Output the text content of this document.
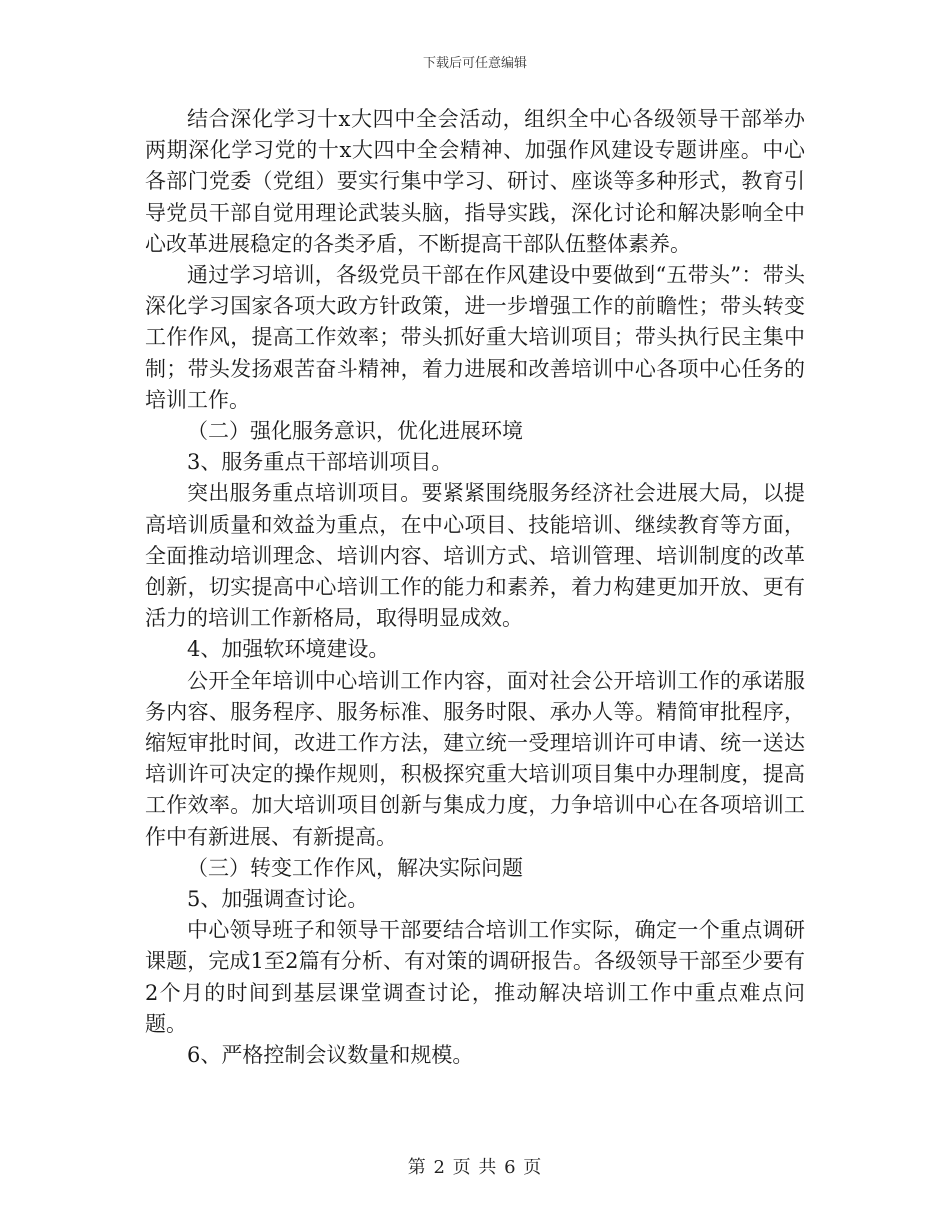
下载后可任意编辑

结合深化学习十x大四中全会活动，组织全中心各级领导干部举办两期深化学习党的十x大四中全会精神、加强作风建设专题讲座。中心各部门党委（党组）要实行集中学习、研讨、座谈等多种形式，教育引导党员干部自觉用理论武装头脑，指导实践，深化讨论和解决影响全中心改革进展稳定的各类矛盾，不断提高干部队伍整体素养。

通过学习培训，各级党员干部在作风建设中要做到“五带头”：带头深化学习国家各项大政方针政策，进一步增强工作的前瞻性；带头转变工作作风，提高工作效率；带头抓好重大培训项目；带头执行民主集中制；带头发扬艰苦奋斗精神，着力进展和改善培训中心各项中心任务的培训工作。

（二）强化服务意识，优化进展环境

3、服务重点干部培训项目。

突出服务重点培训项目。要紧紧围绕服务经济社会进展大局，以提高培训质量和效益为重点，在中心项目、技能培训、继续教育等方面，全面推动培训理念、培训内容、培训方式、培训管理、培训制度的改革创新，切实提高中心培训工作的能力和素养，着力构建更加开放、更有活力的培训工作新格局，取得明显成效。

4、加强软环境建设。

公开全年培训中心培训工作内容，面对社会公开培训工作的承诺服务内容、服务程序、服务标准、服务时限、承办人等。精简审批程序，缩短审批时间，改进工作方法，建立统一受理培训许可申请、统一送达培训许可决定的操作规则，积极探究重大培训项目集中办理制度，提高工作效率。加大培训项目创新与集成力度，力争培训中心在各项培训工作中有新进展、有新提高。

（三）转变工作作风，解决实际问题

5、加强调查讨论。

中心领导班子和领导干部要结合培训工作实际，确定一个重点调研课题，完成1至2篇有分析、有对策的调研报告。各级领导干部至少要有2个月的时间到基层课堂调查讨论，推动解决培训工作中重点难点问题。

6、严格控制会议数量和规模。

第 2 页 共 6 页
